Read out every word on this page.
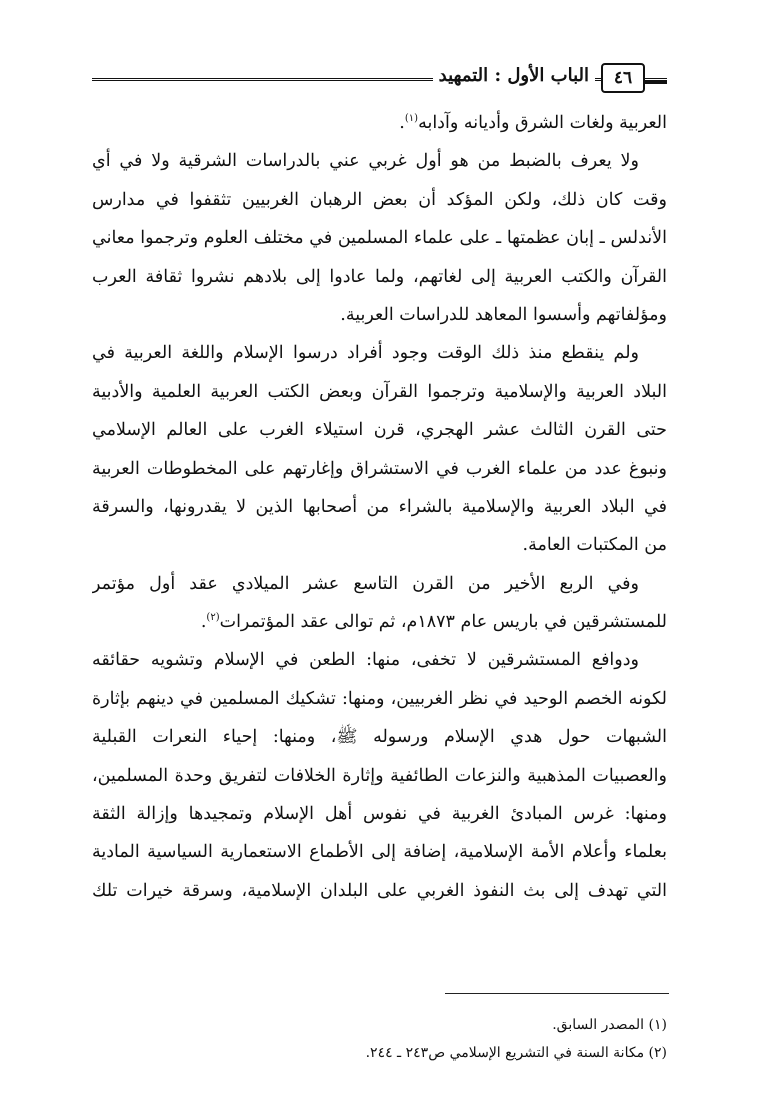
٤٦
الباب الأول : التمهيد
العربية ولغات الشرق وأديانه وآدابه$^{(١)}$.
ولا يعرف بالضبط من هو أول غربي عني بالدراسات الشرقية ولا في أي
وقت كان ذلك، ولكن المؤكد أن بعض الرهبان الغربيين تثقفوا في مدارس
الأندلس ـ إبان عظمتها ـ على علماء المسلمين في مختلف العلوم وترجموا معاني
القرآن والكتب العربية إلى لغاتهم، ولما عادوا إلى بلادهم نشروا ثقافة العرب
ومؤلفاتهم وأسسوا المعاهد للدراسات العربية.
ولم ينقطع منذ ذلك الوقت وجود أفراد درسوا الإسلام واللغة العربية في
البلاد العربية والإسلامية وترجموا القرآن وبعض الكتب العربية العلمية والأدبية
حتى القرن الثالث عشر الهجري، قرن استيلاء الغرب على العالم الإسلامي
ونبوغ عدد من علماء الغرب في الاستشراق وإغارتهم على المخطوطات العربية
في البلاد العربية والإسلامية بالشراء من أصحابها الذين لا يقدرونها، والسرقة
من المكتبات العامة.
وفي الربع الأخير من القرن التاسع عشر الميلادي عقد أول مؤتمر
للمستشرقين في باريس عام ١٨٧٣م، ثم توالى عقد المؤتمرات$^{(٢)}$.
ودوافع المستشرقين لا تخفى، منها: الطعن في الإسلام وتشويه حقائقه
لكونه الخصم الوحيد في نظر الغربيين، ومنها: تشكيك المسلمين في دينهم بإثارة
الشبهات حول هدي الإسلام ورسوله ﷺ، ومنها: إحياء النعرات القبلية
والعصبيات المذهبية والنزعات الطائفية وإثارة الخلافات لتفريق وحدة المسلمين،
ومنها: غرس المبادئ الغربية في نفوس أهل الإسلام وتمجيدها وإزالة الثقة
بعلماء وأعلام الأمة الإسلامية، إضافة إلى الأطماع الاستعمارية السياسية المادية
التي تهدف إلى بث النفوذ الغربي على البلدان الإسلامية، وسرقة خيرات تلك
(١) المصدر السابق.
(٢) مكانة السنة في التشريع الإسلامي ص٢٤٣ ـ ٢٤٤.
